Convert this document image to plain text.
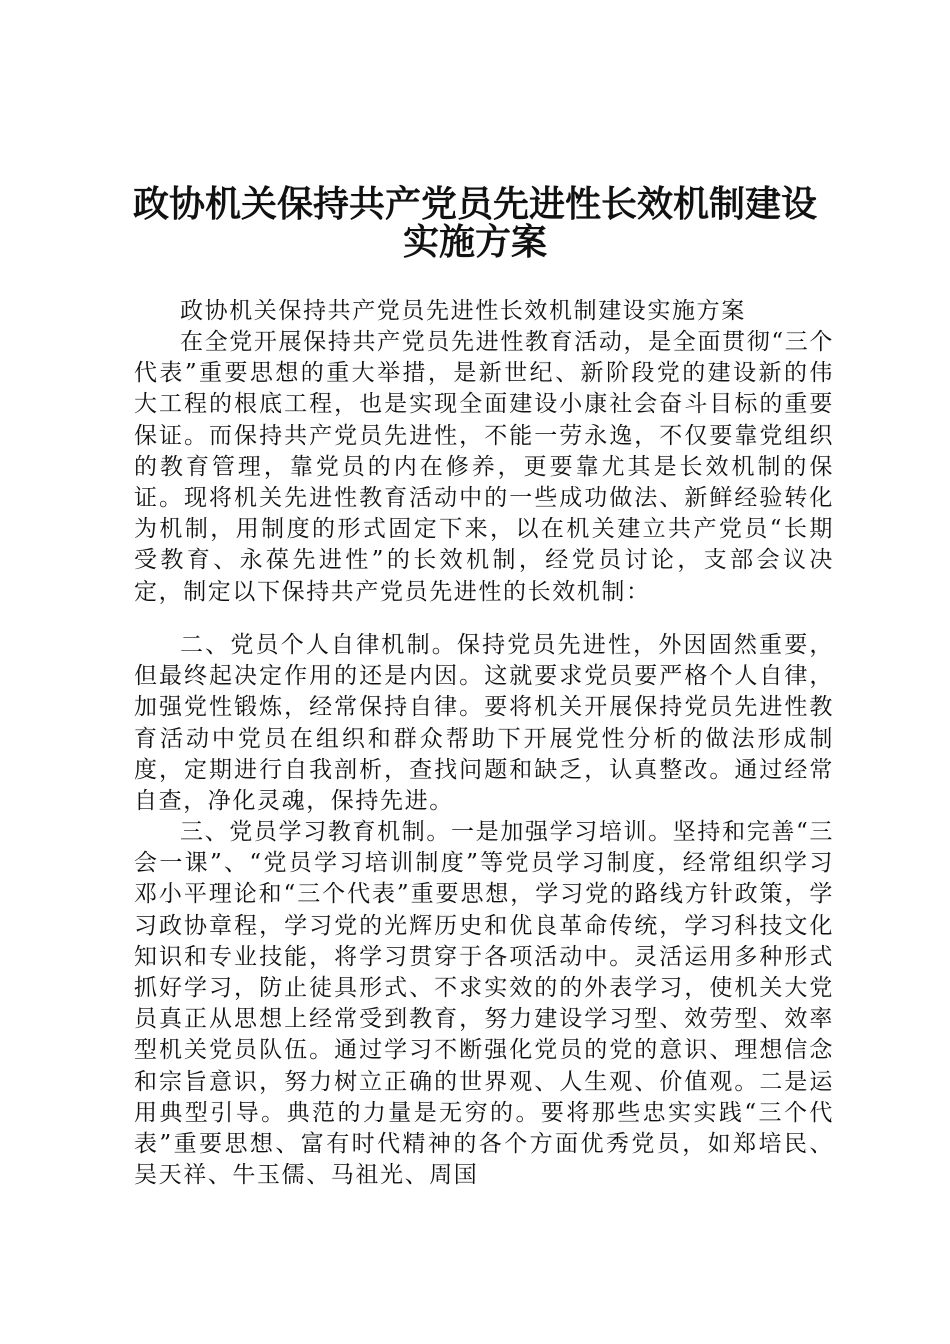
政协机关保持共产党员先进性长效机制建设
实施方案

政协机关保持共产党员先进性长效机制建设实施方案

在全党开展保持共产党员先进性教育活动，是全面贯彻“三个代表”重要思想的重大举措，是新世纪、新阶段党的建设新的伟大工程的根底工程，也是实现全面建设小康社会奋斗目标的重要保证。而保持共产党员先进性，不能一劳永逸，不仅要靠党组织的教育管理，靠党员的内在修养，更要靠尤其是长效机制的保证。现将机关先进性教育活动中的一些成功做法、新鲜经验转化为机制，用制度的形式固定下来，以在机关建立共产党员“长期受教育、永葆先进性”的长效机制，经党员讨论，支部会议决定，制定以下保持共产党员先进性的长效机制：

二、党员个人自律机制。保持党员先进性，外因固然重要，但最终起决定作用的还是内因。这就要求党员要严格个人自律，加强党性锻炼，经常保持自律。要将机关开展保持党员先进性教育活动中党员在组织和群众帮助下开展党性分析的做法形成制度，定期进行自我剖析，查找问题和缺乏，认真整改。通过经常自查，净化灵魂，保持先进。

三、党员学习教育机制。一是加强学习培训。坚持和完善“三会一课”、“党员学习培训制度”等党员学习制度，经常组织学习邓小平理论和“三个代表”重要思想，学习党的路线方针政策，学习政协章程，学习党的光辉历史和优良革命传统，学习科技文化知识和专业技能，将学习贯穿于各项活动中。灵活运用多种形式抓好学习，防止徒具形式、不求实效的的外表学习，使机关大党员真正从思想上经常受到教育，努力建设学习型、效劳型、效率型机关党员队伍。通过学习不断强化党员的党的意识、理想信念和宗旨意识，努力树立正确的世界观、人生观、价值观。二是运用典型引导。典范的力量是无穷的。要将那些忠实实践“三个代表”重要思想、富有时代精神的各个方面优秀党员，如郑培民、吴天祥、牛玉儒、马祖光、周国
